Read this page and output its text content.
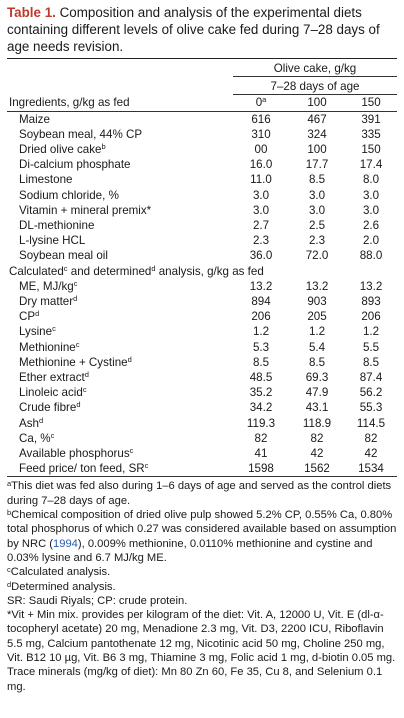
Table 1. Composition and analysis of the experimental diets containing different levels of olive cake fed during 7–28 days of age needs revision.
	Olive cake, g/kg		
	7–28 days of age		
Ingredients, g/kg as fed	0$^a$	100	150
Maize	616	467	391
Soybean meal, 44% CP	310	324	335
Dried olive cake$^b$	00	100	150
Di-calcium phosphate	16.0	17.7	17.4
Limestone	11.0	8.5	8.0
Sodium chloride, %	3.0	3.0	3.0
Vitamin + mineral premix*	3.0	3.0	3.0
DL-methionine	2.7	2.5	2.6
L-lysine HCL	2.3	2.3	2.0
Soybean meal oil	36.0	72.0	88.0
Calculated$^c$ and determined$^d$ analysis, g/kg as fed			
ME, $MJ/kg^c$	13.2	13.2	13.2
Dry matter$^d$	894	903	893
$CP^d$	206	205	206
Lysine$^c$	1.2	1.2	1.2
Methionine$^c$	5.3	5.4	5.5
Methionine + Cystine$^d$	8.5	8.5	8.5
Ether extract$^d$	48.5	69.3	87.4
Linoleic acid$^c$	35.2	47.9	56.2
Crude fibre$^d$	34.2	43.1	55.3
Ash$^d$	119.3	118.9	114.5
Ca, %$^c$	82	82	82
Available phosphorus$^c$	41	42	42
Feed price/ ton feed, $SR^c$	1598	1562	1534

$^a$This diet was fed also during 1–6 days of age and served as the control diets during 7–28 days of age.

$^b$Chemical composition of dried olive pulp showed 5.2% CP, 0.55% Ca, 0.80% total phosphorus of which 0.27 was considered available based on assumption by NRC (1994), 0.009% methionine, 0.0110% methionine and cystine and 0.03% lysine and 6.7 MJ/kg ME.

$^c$Calculated analysis.

$^d$Determined analysis.

SR: Saudi Riyals; CP: crude protein.

*Vit + Min mix. provides per kilogram of the diet: Vit. A, 12000 U, Vit. E (dl-α-tocopheryl acetate) 20 mg, Menadione 2.3 mg, Vit. D3, 2200 ICU, Riboflavin 5.5 mg, Calcium pantothenate 12 mg, Nicotinic acid 50 mg, Choline 250 mg, Vit. B12 10 µg, Vit. B6 3 mg, Thiamine 3 mg, Folic acid 1 mg, d-biotin 0.05 mg. Trace minerals (mg/kg of diet): Mn 80 Zn 60, Fe 35, Cu 8, and Selenium 0.1 mg.
